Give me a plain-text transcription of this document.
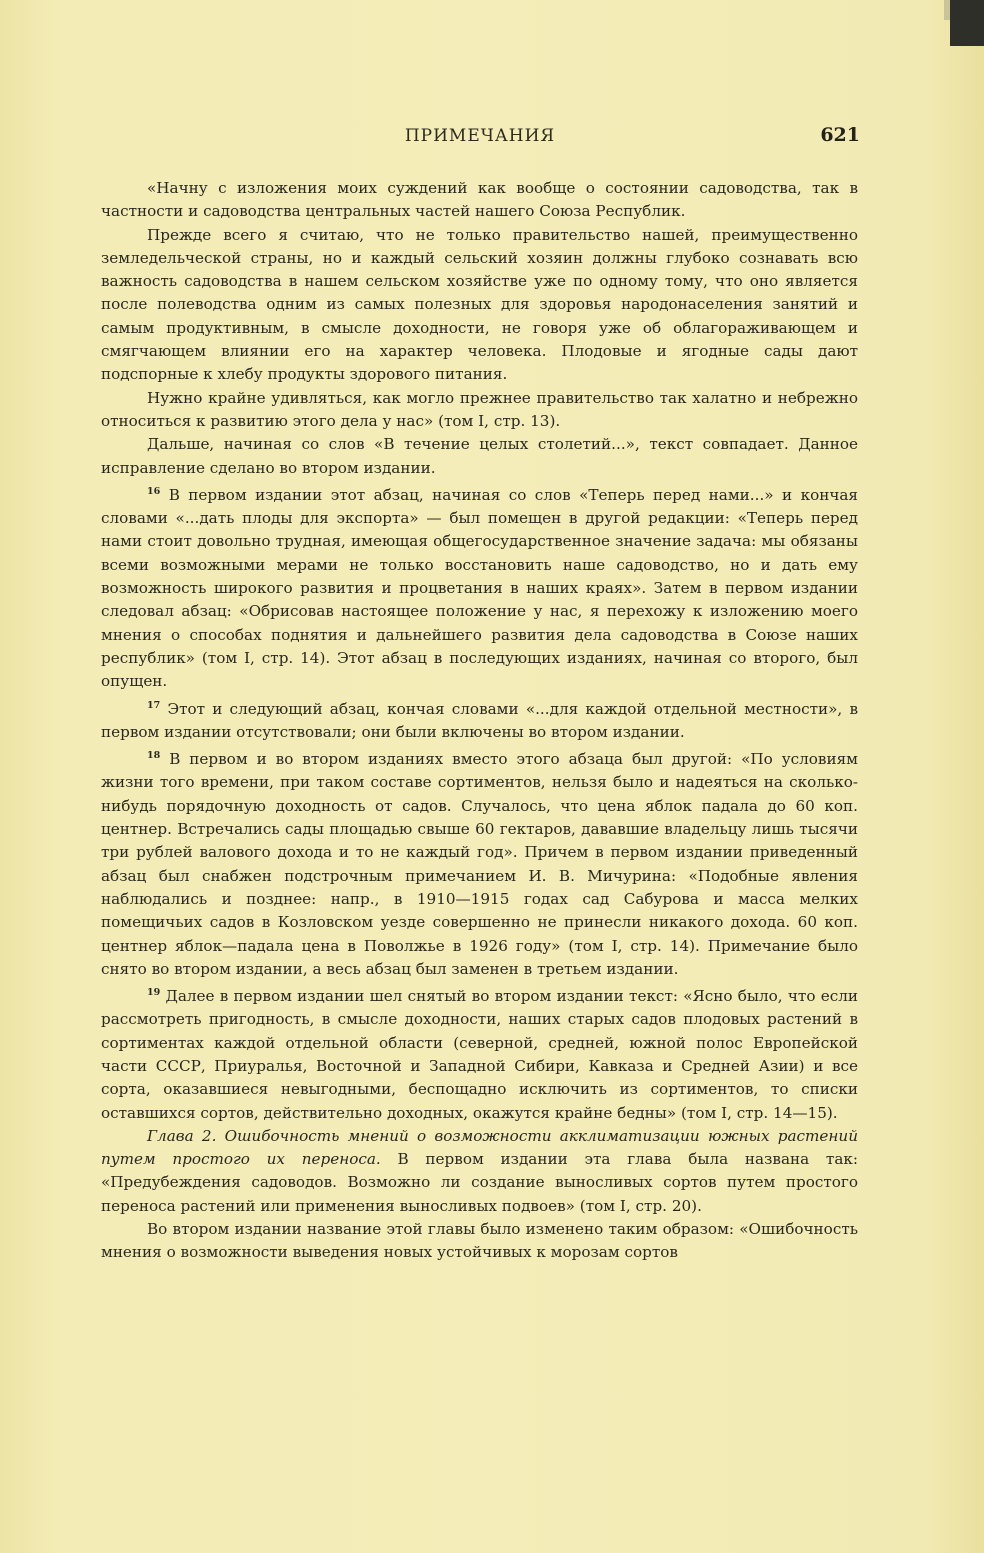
ПРИМЕЧАНИЯ	621

«Начну с изложения моих суждений как вообще о состоянии садоводства, так в частности и садоводства центральных частей нашего Союза Республик.

Прежде всего я считаю, что не только правительство нашей, преимущественно земледельческой страны, но и каждый сельский хозяин должны глубоко сознавать всю важность садоводства в нашем сельском хозяйстве уже по одному тому, что оно является после полеводства одним из самых полезных для здоровья народонаселения занятий и самым продуктивным, в смысле доходности, не говоря уже об облагораживающем и смягчающем влиянии его на характер человека. Плодовые и ягодные сады дают подспорные к хлебу продукты здорового питания.

Нужно крайне удивляться, как могло прежнее правительство так халатно и небрежно относиться к развитию этого дела у нас» (том I, стр. 13).

Дальше, начиная со слов «В течение целых столетий...», текст совпадает. Данное исправление сделано во втором издании.

$^{16}$ В первом издании этот абзац, начиная со слов «Теперь перед нами...» и кончая словами «...дать плоды для экспорта» — был помещен в другой редакции: «Теперь перед нами стоит довольно трудная, имеющая общегосударственное значение задача: мы обязаны всеми возможными мерами не только восстановить наше садоводство, но и дать ему возможность широкого развития и процветания в наших краях». Затем в первом издании следовал абзац: «Обрисовав настоящее положение у нас, я перехожу к изложению моего мнения о способах поднятия и дальнейшего развития дела садоводства в Союзе наших республик» (том I, стр. 14). Этот абзац в последующих изданиях, начиная со второго, был опущен.

$^{17}$ Этот и следующий абзац, кончая словами «...для каждой отдельной местности», в первом издании отсутствовали; они были включены во втором издании.

$^{18}$ В первом и во втором изданиях вместо этого абзаца был другой: «По условиям жизни того времени, при таком составе сортиментов, нельзя было и надеяться на сколько-нибудь порядочную доходность от садов. Случалось, что цена яблок падала до 60 коп. центнер. Встречались сады площадью свыше 60 гектаров, дававшие владельцу лишь тысячи три рублей валового дохода и то не каждый год». Причем в первом издании приведенный абзац был снабжен подстрочным примечанием И. В. Мичурина: «Подобные явления наблюдались и позднее: напр., в 1910—1915 годах сад Сабурова и масса мелких помещичьих садов в Козловском уезде совершенно не принесли никакого дохода. 60 коп. центнер яблок—падала цена в Поволжье в 1926 году» (том I, стр. 14). Примечание было снято во втором издании, а весь абзац был заменен в третьем издании.

$^{19}$ Далее в первом издании шел снятый во втором издании текст: «Ясно было, что если рассмотреть пригодность, в смысле доходности, наших старых садов плодовых растений в сортиментах каждой отдельной области (северной, средней, южной полос Европейской части СССР, Приуралья, Восточной и Западной Сибири, Кавказа и Средней Азии) и все сорта, оказавшиеся невыгодными, беспощадно исключить из сортиментов, то списки оставшихся сортов, действительно доходных, окажутся крайне бедны» (том I, стр. 14—15).

Глава 2. Ошибочность мнений о возможности акклиматизации южных растений путем простого их переноса. В первом издании эта глава была названа так: «Предубеждения садоводов. Возможно ли создание выносливых сортов путем простого переноса растений или применения выносливых подвоев» (том I, стр. 20).

Во втором издании название этой главы было изменено таким образом: «Ошибочность мнения о возможности выведения новых устойчивых к морозам сортов
